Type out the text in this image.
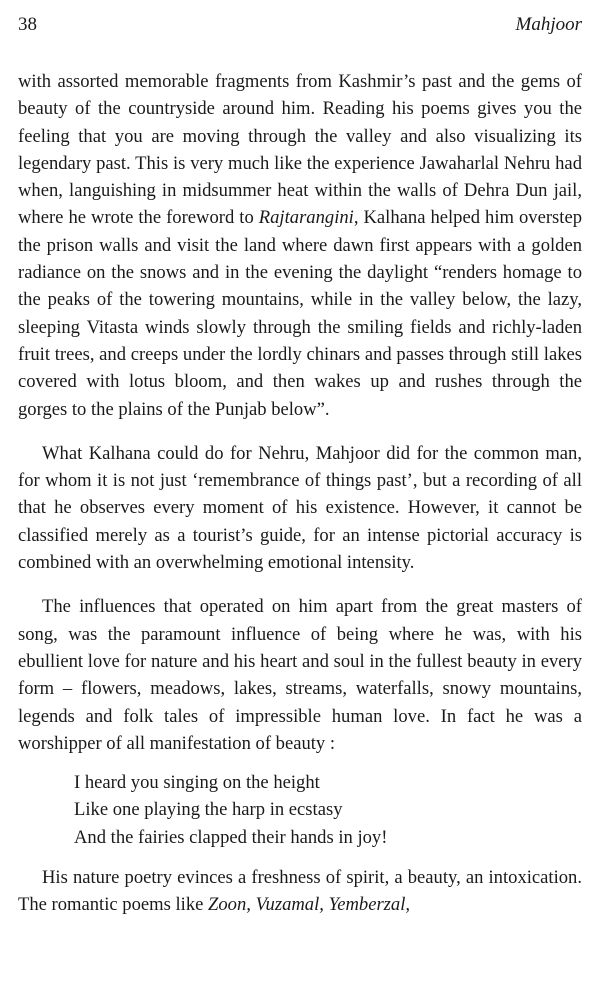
38	Mahjoor

with assorted memorable fragments from Kashmir’s past and the gems of beauty of the countryside around him. Reading his poems gives you the feeling that you are moving through the valley and also visualizing its legendary past. This is very much like the experience Jawaharlal Nehru had when, languishing in midsummer heat within the walls of Dehra Dun jail, where he wrote the foreword to Rajtarangini, Kalhana helped him overstep the prison walls and visit the land where dawn first appears with a golden radiance on the snows and in the evening the daylight “renders homage to the peaks of the towering mountains, while in the valley below, the lazy, sleeping Vitasta winds slowly through the smiling fields and richly-laden fruit trees, and creeps under the lordly chinars and passes through still lakes covered with lotus bloom, and then wakes up and rushes through the gorges to the plains of the Punjab below”.

What Kalhana could do for Nehru, Mahjoor did for the common man, for whom it is not just ‘remembrance of things past’, but a recording of all that he observes every moment of his existence. However, it cannot be classified merely as a tourist’s guide, for an intense pictorial accuracy is combined with an overwhelming emotional intensity.

The influences that operated on him apart from the great masters of song, was the paramount influence of being where he was, with his ebullient love for nature and his heart and soul in the fullest beauty in every form – flowers, meadows, lakes, streams, waterfalls, snowy mountains, legends and folk tales of impressible human love. In fact he was a worshipper of all manifestation of beauty :

I heard you singing on the height
Like one playing the harp in ecstasy
And the fairies clapped their hands in joy!

His nature poetry evinces a freshness of spirit, a beauty, an intoxication. The romantic poems like Zoon, Vuzamal, Yemberzal,
